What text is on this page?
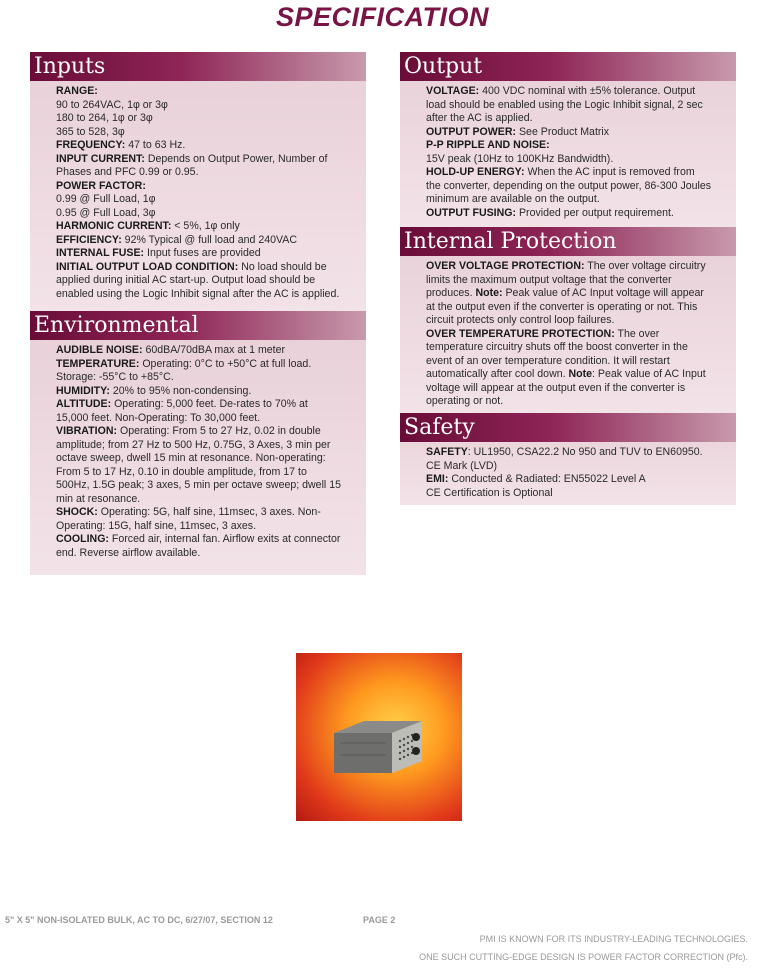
SPECIFICATION
Inputs

RANGE:

90 to 264VAC, 1φ or 3φ

180 to 264, 1φ or 3φ

365 to 528, 3φ

FREQUENCY: 47 to 63 Hz.

INPUT CURRENT: Depends on Output Power, Number of Phases and PFC 0.99 or 0.95.

POWER FACTOR:

0.99 @ Full Load, 1φ

0.95 @ Full Load, 3φ

HARMONIC CURRENT: < 5%, 1φ only

EFFICIENCY: 92% Typical @ full load and 240VAC

INTERNAL FUSE: Input fuses are provided

INITIAL OUTPUT LOAD CONDITION: No load should be applied during initial AC start-up. Output load should be enabled using the Logic Inhibit signal after the AC is applied.

Environmental

AUDIBLE NOISE: 60dBA/70dBA max at 1 meter

TEMPERATURE: Operating: 0°C to +50°C at full load. Storage: -55°C to +85°C.

HUMIDITY: 20% to 95% non-condensing.

ALTITUDE: Operating: 5,000 feet. De-rates to 70% at 15,000 feet. Non-Operating: To 30,000 feet.

VIBRATION: Operating: From 5 to 27 Hz, 0.02 in double amplitude; from 27 Hz to 500 Hz, 0.75G, 3 Axes, 3 min per octave sweep, dwell 15 min at resonance. Non-operating: From 5 to 17 Hz, 0.10 in double amplitude, from 17 to 500Hz, 1.5G peak; 3 axes, 5 min per octave sweep; dwell 15 min at resonance.

SHOCK: Operating: 5G, half sine, 11msec, 3 axes. Non-Operating: 15G, half sine, 11msec, 3 axes.

COOLING: Forced air, internal fan. Airflow exits at connector end. Reverse airflow available.

Output

VOLTAGE: 400 VDC nominal with ±5% tolerance. Output load should be enabled using the Logic Inhibit signal, 2 sec after the AC is applied.

OUTPUT POWER: See Product Matrix

P-P RIPPLE AND NOISE:

15V peak (10Hz to 100KHz Bandwidth).

HOLD-UP ENERGY: When the AC input is removed from the converter, depending on the output power, 86-300 Joules minimum are available on the output.

OUTPUT FUSING: Provided per output requirement.

Internal Protection

OVER VOLTAGE PROTECTION: The over voltage circuitry limits the maximum output voltage that the converter produces. Note: Peak value of AC Input voltage will appear at the output even if the converter is operating or not. This circuit protects only control loop failures.

OVER TEMPERATURE PROTECTION: The over temperature circuitry shuts off the boost converter in the event of an over temperature condition. It will restart automatically after cool down. Note: Peak value of AC Input voltage will appear at the output even if the converter is operating or not.

Safety

SAFETY: UL1950, CSA22.2 No 950 and TUV to EN60950. CE Mark (LVD)

EMI: Conducted & Radiated: EN55022 Level A

CE Certification is Optional

5" X 5" NON-ISOLATED BULK, AC TO DC, 6/27/07, SECTION 12	PAGE 2
PMI IS KNOWN FOR ITS INDUSTRY-LEADING TECHNOLOGIES.
ONE SUCH CUTTING-EDGE DESIGN IS POWER FACTOR CORRECTION (Pfc).
